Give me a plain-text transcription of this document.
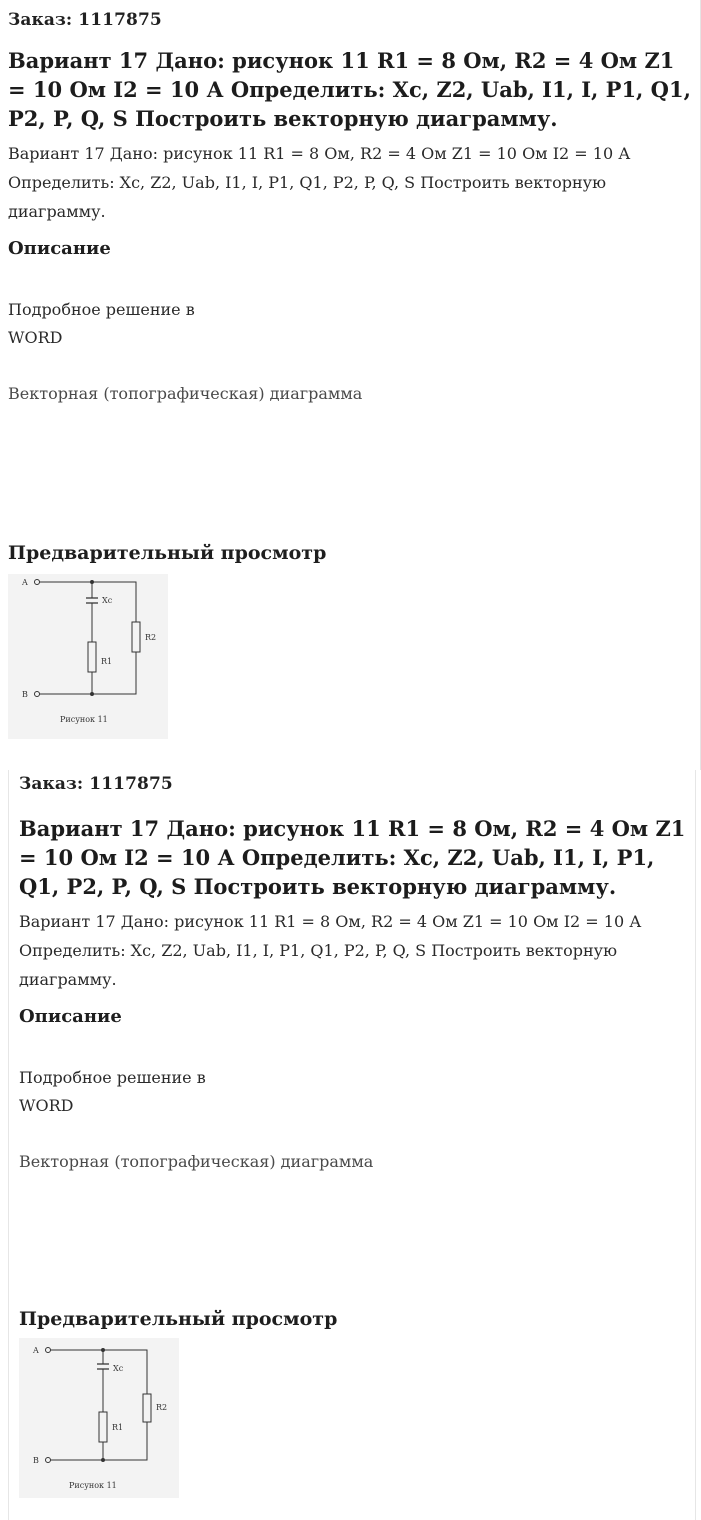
Заказ: 1117875
Вариант 17 Дано: рисунок 11 R1 = 8 Ом, R2 = 4 Ом Z1 = 10 Ом I2 = 10 А Определить: Xc, Z2, Uab, I1, I, P1, Q1, P2, P, Q, S Построить векторную диаграмму.
Вариант 17 Дано: рисунок 11 R1 = 8 Ом, R2 = 4 Ом Z1 = 10 Ом I2 = 10 А Определить: Xc, Z2, Uab, I1, I, P1, Q1, P2, P, Q, S Построить векторную диаграмму.
Описание
Подробное решение в
WORD
Векторная (топографическая) диаграмма
Предварительный просмотр
A
B
Xc
R1
R2
Рисунок 11
Заказ: 1117875
Вариант 17 Дано: рисунок 11 R1 = 8 Ом, R2 = 4 Ом Z1 = 10 Ом I2 = 10 А Определить: Xc, Z2, Uab, I1, I, P1, Q1, P2, P, Q, S Построить векторную диаграмму.
Вариант 17 Дано: рисунок 11 R1 = 8 Ом, R2 = 4 Ом Z1 = 10 Ом I2 = 10 А Определить: Xc, Z2, Uab, I1, I, P1, Q1, P2, P, Q, S Построить векторную диаграмму.
Описание
Подробное решение в
WORD
Векторная (топографическая) диаграмма
Предварительный просмотр
A
B
Xc
R1
R2
Рисунок 11
